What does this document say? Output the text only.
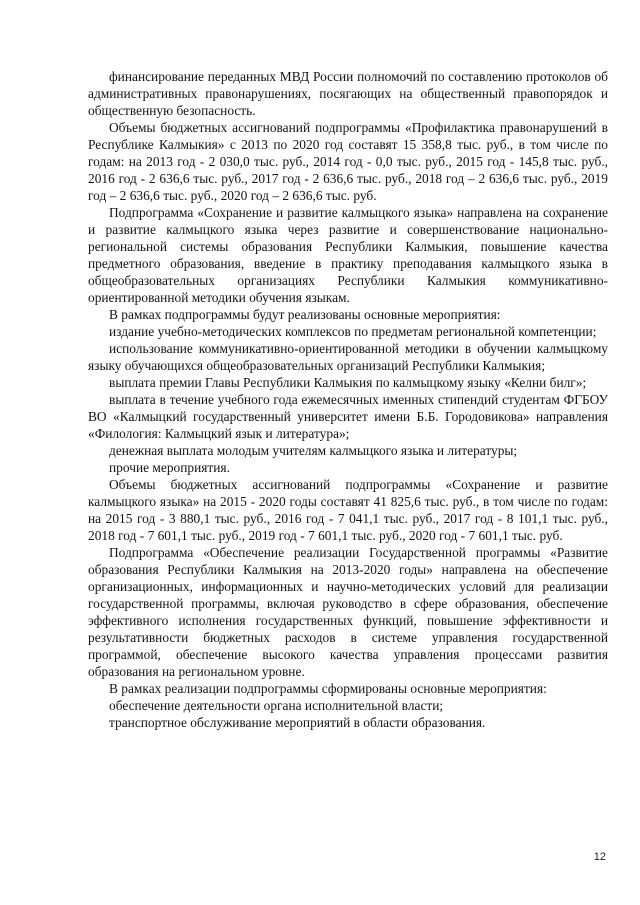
финансирование переданных МВД России полномочий по составлению протоколов об административных правонарушениях, посягающих на общественный правопорядок и общественную безопасность.

Объемы бюджетных ассигнований подпрограммы «Профилактика правонарушений в Республике Калмыкия» с 2013 по 2020 год составят 15 358,8 тыс. руб., в том числе по годам: на 2013 год - 2 030,0 тыс. руб., 2014 год - 0,0 тыс. руб., 2015 год - 145,8 тыс. руб., 2016 год - 2 636,6 тыс. руб., 2017 год - 2 636,6 тыс. руб., 2018 год – 2 636,6 тыс. руб., 2019 год – 2 636,6 тыс. руб., 2020 год – 2 636,6 тыс. руб.

Подпрограмма «Сохранение и развитие калмыцкого языка» направлена на сохранение и развитие калмыцкого языка через развитие и совершенствование национально-региональной системы образования Республики Калмыкия, повышение качества предметного образования, введение в практику преподавания калмыцкого языка в общеобразовательных организациях Республики Калмыкия коммуникативно-ориентированной методики обучения языкам.

В рамках подпрограммы будут реализованы основные мероприятия:

издание учебно-методических комплексов по предметам региональной компетенции;

использование коммуникативно-ориентированной методики в обучении калмыцкому языку обучающихся общеобразовательных организаций Республики Калмыкия;

выплата премии Главы Республики Калмыкия по калмыцкому языку «Келни билг»;

выплата в течение учебного года ежемесячных именных стипендий студентам ФГБОУ ВО «Калмыцкий государственный университет имени Б.Б. Городовикова» направления «Филология: Калмыцкий язык и литература»;

денежная выплата молодым учителям калмыцкого языка и литературы;

прочие мероприятия.

Объемы бюджетных ассигнований подпрограммы «Сохранение и развитие калмыцкого языка» на 2015 - 2020 годы составят 41 825,6 тыс. руб., в том числе по годам: на 2015 год - 3 880,1 тыс. руб., 2016 год - 7 041,1 тыс. руб., 2017 год - 8 101,1 тыс. руб., 2018 год - 7 601,1 тыс. руб., 2019 год - 7 601,1 тыс. руб., 2020 год - 7 601,1 тыс. руб.

Подпрограмма «Обеспечение реализации Государственной программы «Развитие образования Республики Калмыкия на 2013-2020 годы» направлена на обеспечение организационных, информационных и научно-методических условий для реализации государственной программы, включая руководство в сфере образования, обеспечение эффективного исполнения государственных функций, повышение эффективности и результативности бюджетных расходов в системе управления государственной программой, обеспечение высокого качества управления процессами развития образования на региональном уровне.

В рамках реализации подпрограммы сформированы основные мероприятия:

обеспечение деятельности органа исполнительной власти;

транспортное обслуживание мероприятий в области образования.

12
